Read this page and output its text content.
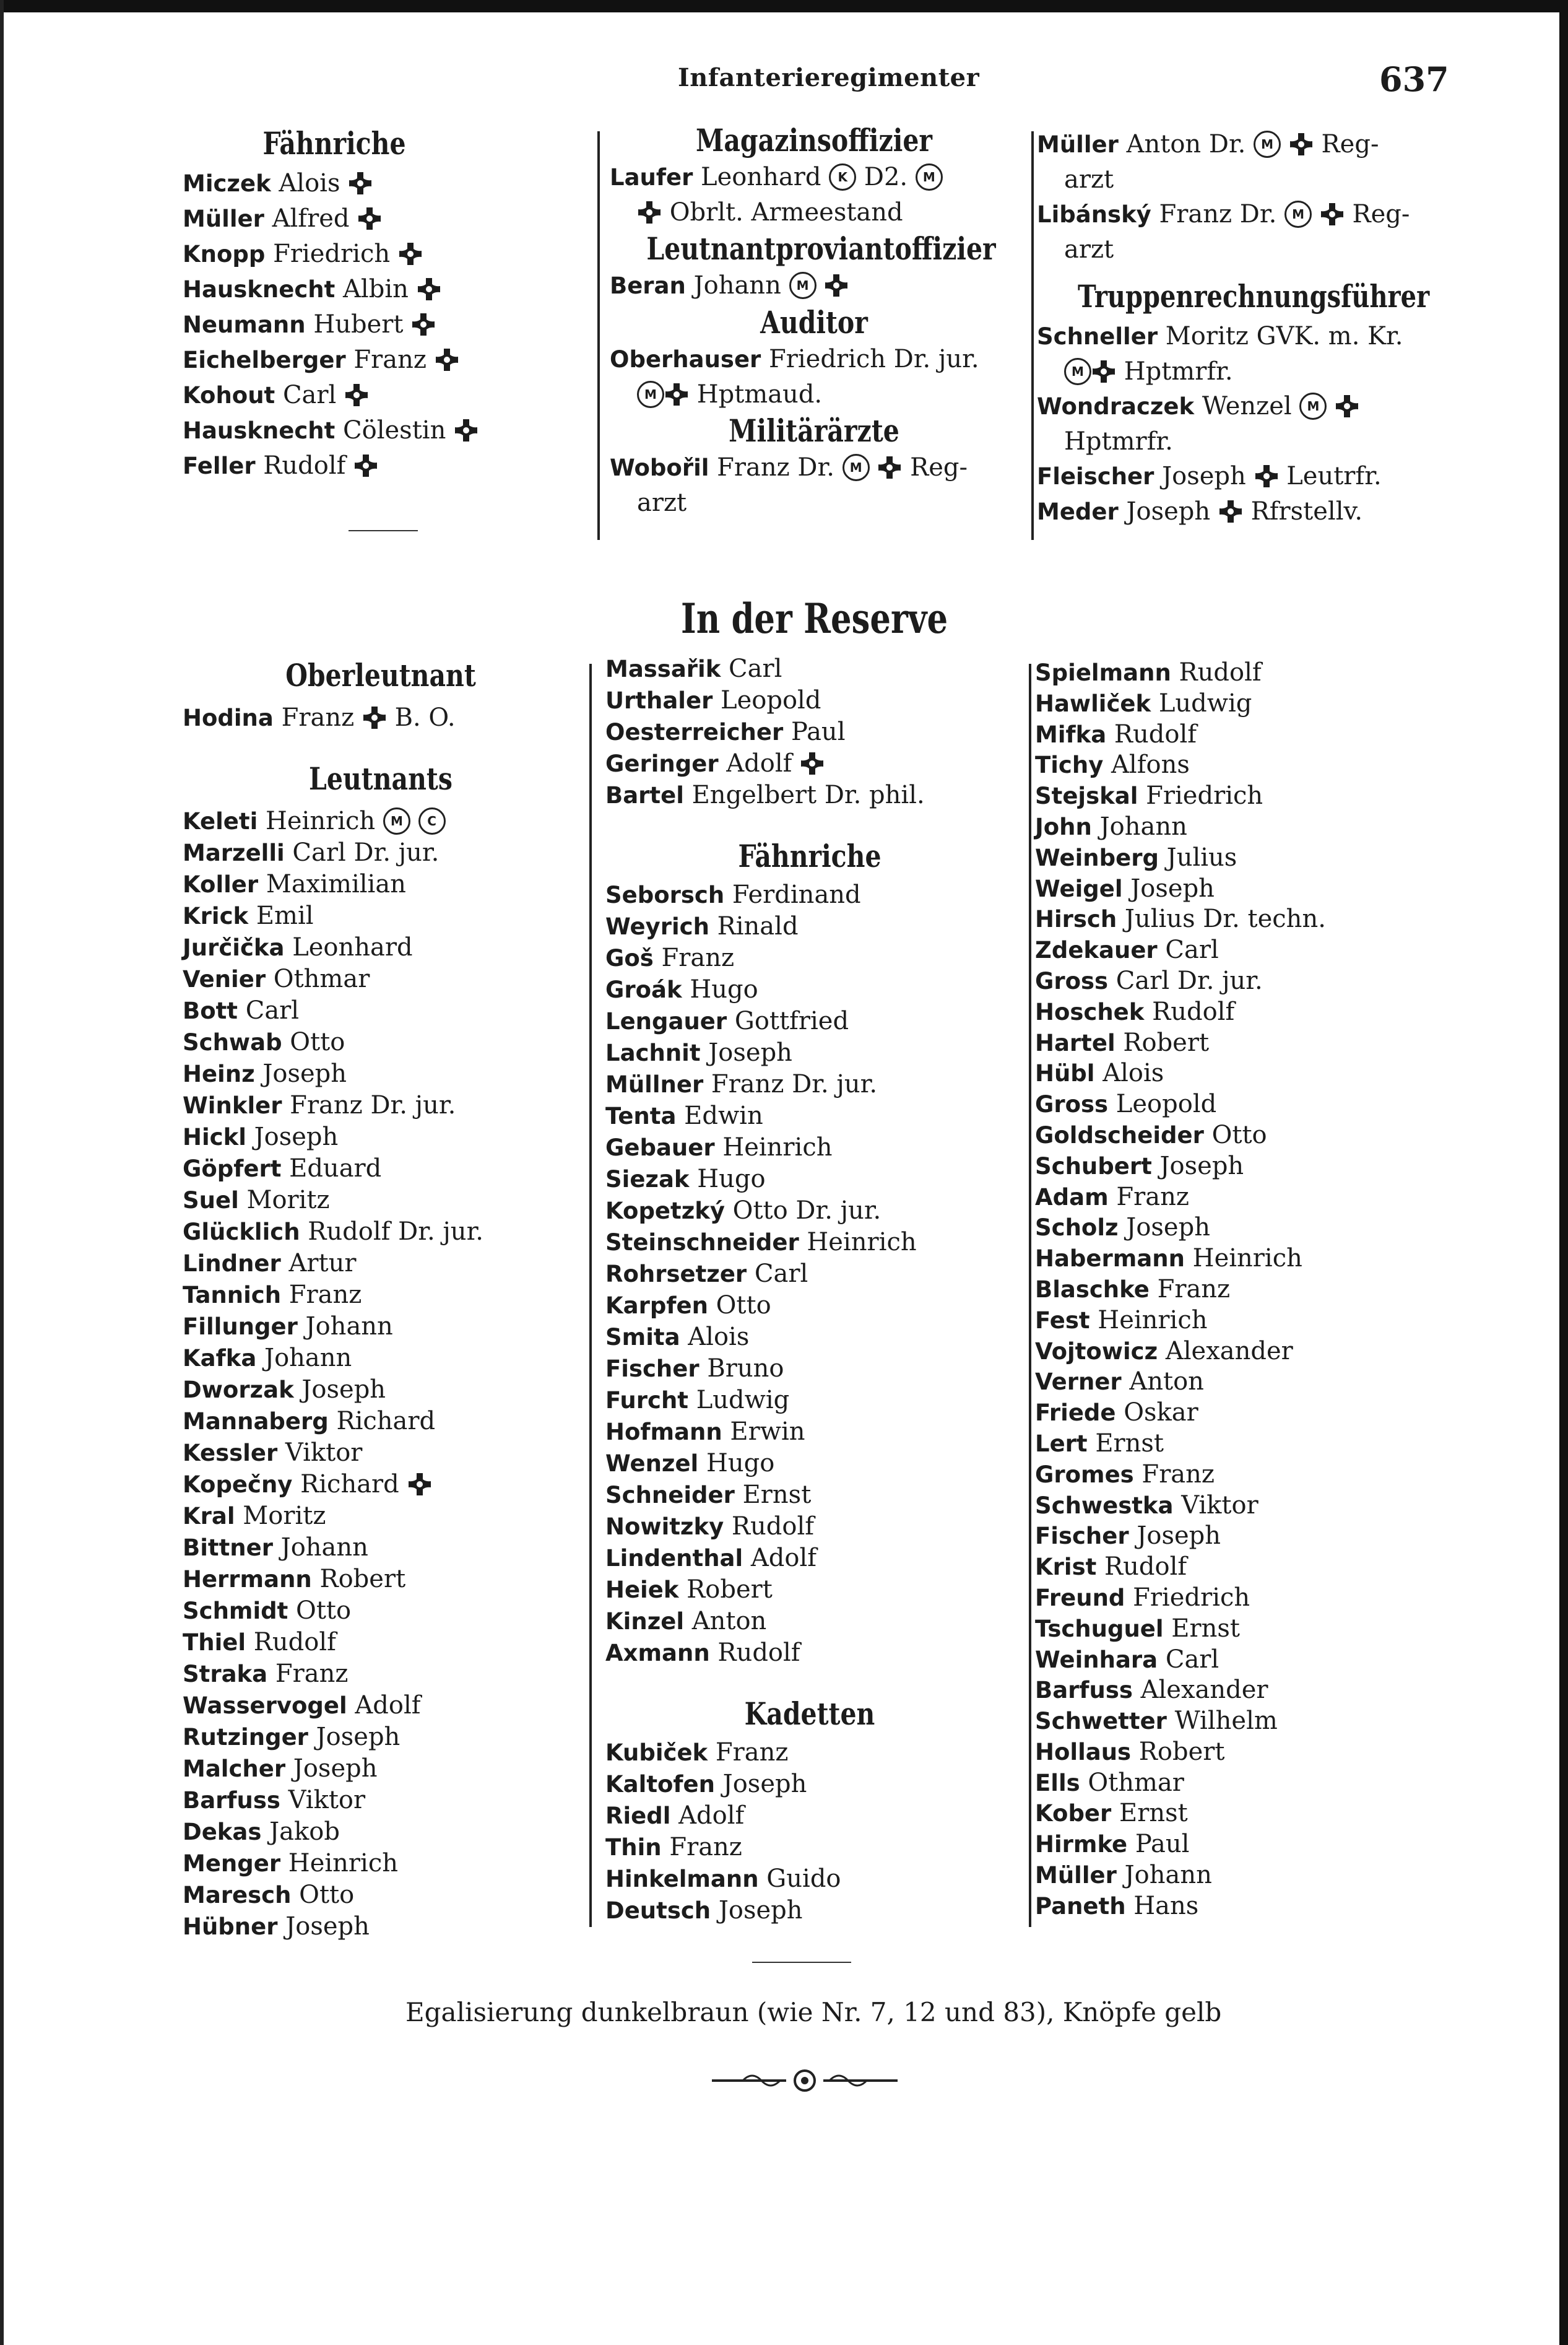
Infanterieregimenter	637
Fähnriche
Miczek Alois
Müller Alfred
Knopp Friedrich
Hausknecht Albin
Neumann Hubert
Eichelberger Franz
Kohout Carl
Hausknecht Cölestin
Feller Rudolf
Magazinsoffizier
Laufer Leonhard K D2. M
Obrlt. Armeestand
Leutnantproviantoffizier
Beran Johann M
Auditor
Oberhauser Friedrich Dr. jur.
M Hptmaud.
Militärärzte
Wobořil Franz Dr. M  Reg-
arzt
Müller Anton Dr. M  Reg-
arzt
Libánský Franz Dr. M  Reg-
arzt
Truppenrechnungsführer
Schneller Moritz GVK. m. Kr.
M Hptmrfr.
Wondraczek Wenzel M
Hptmrfr.
Fleischer Joseph  Leutrfr.
Meder Joseph  Rfrstellv.
In der Reserve
Oberleutnant
Hodina Franz  B. O.
Leutnants
Keleti Heinrich M C
Marzelli Carl Dr. jur.
Koller Maximilian
Krick Emil
Jurčička Leonhard
Venier Othmar
Bott Carl
Schwab Otto
Heinz Joseph
Winkler Franz Dr. jur.
Hickl Joseph
Göpfert Eduard
Suel Moritz
Glücklich Rudolf Dr. jur.
Lindner Artur
Tannich Franz
Fillunger Johann
Kafka Johann
Dworzak Joseph
Mannaberg Richard
Kessler Viktor
Kopečny Richard
Kral Moritz
Bittner Johann
Herrmann Robert
Schmidt Otto
Thiel Rudolf
Straka Franz
Wasservogel Adolf
Rutzinger Joseph
Malcher Joseph
Barfuss Viktor
Dekas Jakob
Menger Heinrich
Maresch Otto
Hübner Joseph
Massařik Carl
Urthaler Leopold
Oesterreicher Paul
Geringer Adolf
Bartel Engelbert Dr. phil.
Fähnriche
Seborsch Ferdinand
Weyrich Rinald
Goš Franz
Groák Hugo
Lengauer Gottfried
Lachnit Joseph
Müllner Franz Dr. jur.
Tenta Edwin
Gebauer Heinrich
Siezak Hugo
Kopetzký Otto Dr. jur.
Steinschneider Heinrich
Rohrsetzer Carl
Karpfen Otto
Smita Alois
Fischer Bruno
Furcht Ludwig
Hofmann Erwin
Wenzel Hugo
Schneider Ernst
Nowitzky Rudolf
Lindenthal Adolf
Heiek Robert
Kinzel Anton
Axmann Rudolf
Kadetten
Kubiček Franz
Kaltofen Joseph
Riedl Adolf
Thin Franz
Hinkelmann Guido
Deutsch Joseph
Spielmann Rudolf
Hawliček Ludwig
Mifka Rudolf
Tichy Alfons
Stejskal Friedrich
John Johann
Weinberg Julius
Weigel Joseph
Hirsch Julius Dr. techn.
Zdekauer Carl
Gross Carl Dr. jur.
Hoschek Rudolf
Hartel Robert
Hübl Alois
Gross Leopold
Goldscheider Otto
Schubert Joseph
Adam Franz
Scholz Joseph
Habermann Heinrich
Blaschke Franz
Fest Heinrich
Vojtowicz Alexander
Verner Anton
Friede Oskar
Lert Ernst
Gromes Franz
Schwestka Viktor
Fischer Joseph
Krist Rudolf
Freund Friedrich
Tschuguel Ernst
Weinhara Carl
Barfuss Alexander
Schwetter Wilhelm
Hollaus Robert
Ells Othmar
Kober Ernst
Hirmke Paul
Müller Johann
Paneth Hans
Egalisierung dunkelbraun (wie Nr. 7, 12 und 83), Knöpfe gelb
